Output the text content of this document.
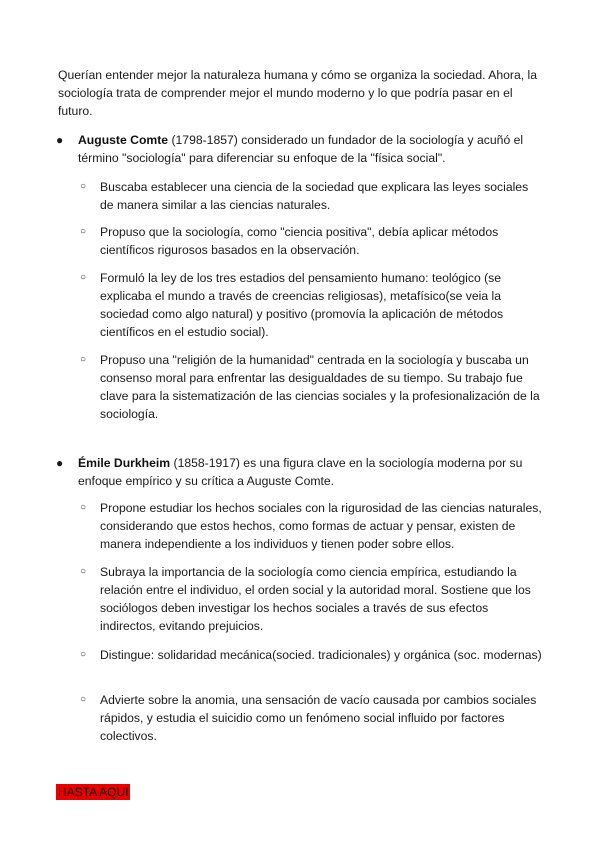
Querían entender mejor la naturaleza humana y cómo se organiza la sociedad. Ahora, la sociología trata de comprender mejor el mundo moderno y lo que podría pasar en el futuro.

● Auguste Comte (1798-1857) considerado un fundador de la sociología y acuñó el término "sociología" para diferenciar su enfoque de la "física social".

○ Buscaba establecer una ciencia de la sociedad que explicara las leyes sociales de manera similar a las ciencias naturales.

○ Propuso que la sociología, como "ciencia positiva", debía aplicar métodos científicos rigurosos basados en la observación.

○ Formuló la ley de los tres estadios del pensamiento humano: teológico (se explicaba el mundo a través de creencias religiosas), metafísico(se veia la sociedad como algo natural) y positivo (promovía la aplicación de métodos científicos en el estudio social).

○ Propuso una "religión de la humanidad" centrada en la sociología y buscaba un consenso moral para enfrentar las desigualdades de su tiempo. Su trabajo fue clave para la sistematización de las ciencias sociales y la profesionalización de la sociología.

● Émile Durkheim (1858-1917) es una figura clave en la sociología moderna por su enfoque empírico y su crítica a Auguste Comte.

○ Propone estudiar los hechos sociales con la rigurosidad de las ciencias naturales, considerando que estos hechos, como formas de actuar y pensar, existen de manera independiente a los individuos y tienen poder sobre ellos.

○ Subraya la importancia de la sociología como ciencia empírica, estudiando la relación entre el individuo, el orden social y la autoridad moral. Sostiene que los sociólogos deben investigar los hechos sociales a través de sus efectos indirectos, evitando prejuicios.

○ Distingue: solidaridad mecánica(socied. tradicionales) y orgánica (soc. modernas)

○ Advierte sobre la anomia, una sensación de vacío causada por cambios sociales rápidos, y estudia el suicidio como un fenómeno social influido por factores colectivos.

HASTA AQUI
